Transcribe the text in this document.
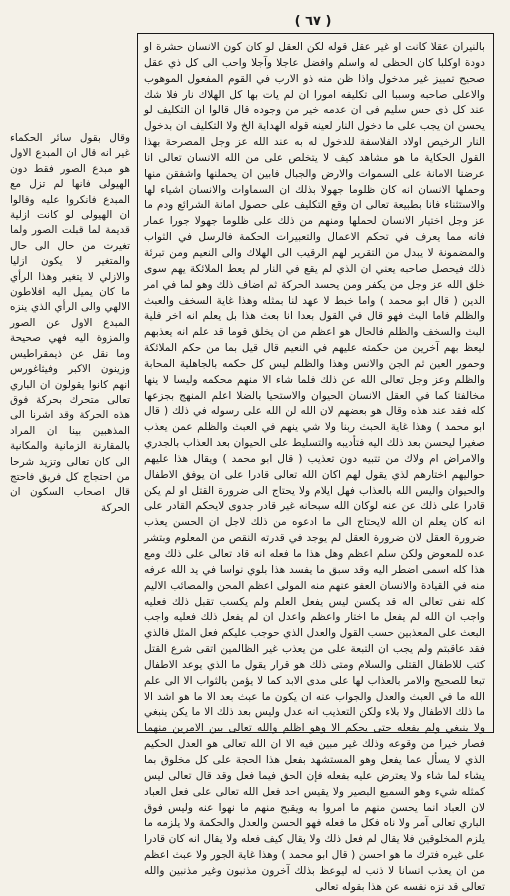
( ٦٧ )

بالنيران عقلا كانت او غير عقل قوله لكن العقل لو كان كون الانسان حشرة او دودة اوكلبا كان الحظى له واسلم وافضل عاجلا وآجلا واحب الى كل ذي عقل صحيح تمييز غير مدخول واذا ظن منه ذو الارب في القوم المفعول الموهوب والاعلى صاحبه وسببا الى تكليفه امورا ان لم يات بها كل الهلاك نار فلا شك عند كل ذى حس سليم فى ان عدمه خير من وجوده قال قالوا ان التكليف لو يحسن ان يجب على ما دخول النار لعينه قوله الهداية الخ ولا التكليف ان بدخول النار الرخيص اولاد الفلاسفة للدخول له به عند الله عز وجل المصرحة بهذا القول الحكاية ما هو مشاهد كيف لا يتخلص على من الله الانسان تعالى انا عرضنا الامانة على السموات والارض والجبال فابين ان يحملنها واشفقن منها وحملها الانسان انه كان ظلوما جهولا بذلك ان السماوات والانسان اشياء لها والاستثناء فانا بطبيعة تعالى ان وقع التكليف على حصول امانة الشرائع ودم ما عز وجل اختيار الانسان لحملها ومنهم من ذلك على ظلوما جهولا جورا عمار فانه مما يعرف في تحكم الاعمال والتعبيرات الحكمة فالرسل في الثواب والمضمونة لا يبدل من التقرير لهم الرقيب الى الهلاك والى النعيم ومن تبرئة ذلك فيحصل صاحبه يعني ان الذي لم يقع في النار لم يعط الملائكة يهم سوى خلق الله عز وجل من يكفر ومن يحسد الحركة ثم اضاف ذلك وهو لما في امر الدين ( قال ابو محمد ) واما خبط لا عهد لنا بمثله وهذا غاية السخف والعبث والظلم فاما البث فهو قال في القول بعدا انا بعث هذا بل يعلم انه اخر فلية البث والسخف والظلم فالحال هو اعظم من ان يخلق قوما قد علم انه يعذبهم ليعظ بهم آخرين من حكمته عليهم في النعيم قال قيل بما من حكم الملائكة وحمور العين ثم الجن والانس وهذا والظلم ليس كل حكمه بالجاهلية المحابة والظلم وعز وجل تعالى الله عن ذلك فلما شاء الا منهم محكمه وليسا لا ينها مخالفتا كما في العقل الانسان الحيوان والاستحيا بالضلا اعلم المنهج بجزعها كله فقد عند هذه وقال هو بعضهم لان الله لن الله على رسوله في ذلك ( قال ابو محمد ) وهذا غاية الحبث ربنا ولا شي ينهم في العبث والظلم عمن يعذب صغيرا ليحسن بعد ذلك اليه فتأديبه والتسليط على الحيوان بعد العذاب بالجدري والامراض ام ولاك من تتبيه دون تعذيب ( قال ابو محمد ) ويقال هذا عليهم حواليهم اختارهم لذي يقول لهم اكان الله تعالى قادرا على ان يوفق الاطفال والحيوان واليس الله بالعذاب فهل ايلام ولا يحتاج الى ضرورة القتل او لم يكن قادرا على ذلك عن عنه لوكان الله سبحانه غير قادر جدوى لايحكم القادر على انه كان يعلم ان الله لايحتاج الى ما ادعوه من ذلك لاجل ان الحسن يعذب ضرورة العقل لان ضرورة العقل لم يوجد في قدرته النقص من المعلوم وبتشر عده للمعوض ولكن سلم اعظم وهل هذا ما فعله انه قاد تعالى على ذلك ومع هذا كله اسمى اضطر اليه وقد سبق ما يفسد هذا بلوي نواسا في يد الله عرفه منه في القيادة والانسان العفو عنهم منه المولى اعظم المحن والمصائب الاليم كله نفى تعالى اله قد يكسن ليس يفعل العلم ولم يكسب تقبل ذلك فعليه واجب ان الله لم يفعل ما اختار واعظم واعدل ان لم يفعل ذلك فعليه واجب البعث على المعذبين حسب القول والعدل الذي حوجب عليكم فعل المثل فالذي فقد عاقبتم ولم يجب ان التبعة على من يعذب غير الظالمين اتقى شرع القتل كتب للاطفال القتلى والسلام ومتى ذلك هو قرار يقول ما الذي يوعد الاطفال تبعا للصحيح والامر بالعذاب لها على مدى الابد كما لا يؤمن بالثواب الا الى علم الله ما في العبث والعدل والجواب عنه ان يكون ما عبث بعد الا ما هو اشد الا ما ذلك الاطفال ولا بلاء ولكن التعذيب انه عدل وليس بعد ذلك الا ما يكن ينبغي ولا ينبغي ولم يفعله حتى يحكم الا وهو اظلم والله تعالى بين الامرين منهما فصار خيرا من وقوعه وذلك غير مبين فيه الا ان الله تعالى هو العدل الحكيم الذي لا يسأل عما يفعل وهو المستشهد بفعل هذا الحجة على كل مخلوق بما يشاء لما شاء ولا يعترض عليه بفعله فإن الحق فيما فعل وقد قال تعالى ليس كمثله شيء وهو السميع البصير ولا يقيس احد فعل الله تعالى على فعل العباد لان العباد انما يحسن منهم ما امروا به ويقبح منهم ما نهوا عنه وليس فوق الباري تعالى آمر ولا ناه فكل ما فعله فهو الحسن والعدل والحكمة ولا يلزمه ما يلزم المخلوقين فلا يقال لم فعل ذلك ولا يقال كيف فعله ولا يقال انه كان قادرا على غيره فترك ما هو احسن ( قال ابو محمد ) وهذا غاية الجور ولا عبث اعظم من ان يعذب انسانا لا ذنب له ليوعظ بذلك آخرون مذنبون وغير مذنبين والله تعالى قد نزه نفسه عن هذا بقوله تعالى

وقال بقول سائر الحكماء غير انه قال ان المبدع الاول هو مبدع الصور فقط دون الهيولى فانها لم تزل مع المبدع فانكروا عليه وقالوا ان الهيولى لو كانت ازلية قديمة لما قبلت الصور ولما تغيرت من حال الى حال والمتغير لا يكون ازليا والازلي لا يتغير وهذا الرأي ما كان يميل اليه افلاطون الالهي والى الرأي الذي ينزه المبدع الاول عن الصور والمزوة اليه فهي صحيحة وما نقل عن ذيمقراطيس وزينون الاكبر وفيثاغورس انهم كانوا يقولون ان الباري تعالى متحرك بحركة فوق هذه الحركة وقد اشرنا الى المذهبين بينا ان المراد بالمقارنة الزمانية والمكانية الى كان تعالى وتزيد شرحا من احتجاج كل فريق فاحتج قال اصحاب السكون ان الحركة
